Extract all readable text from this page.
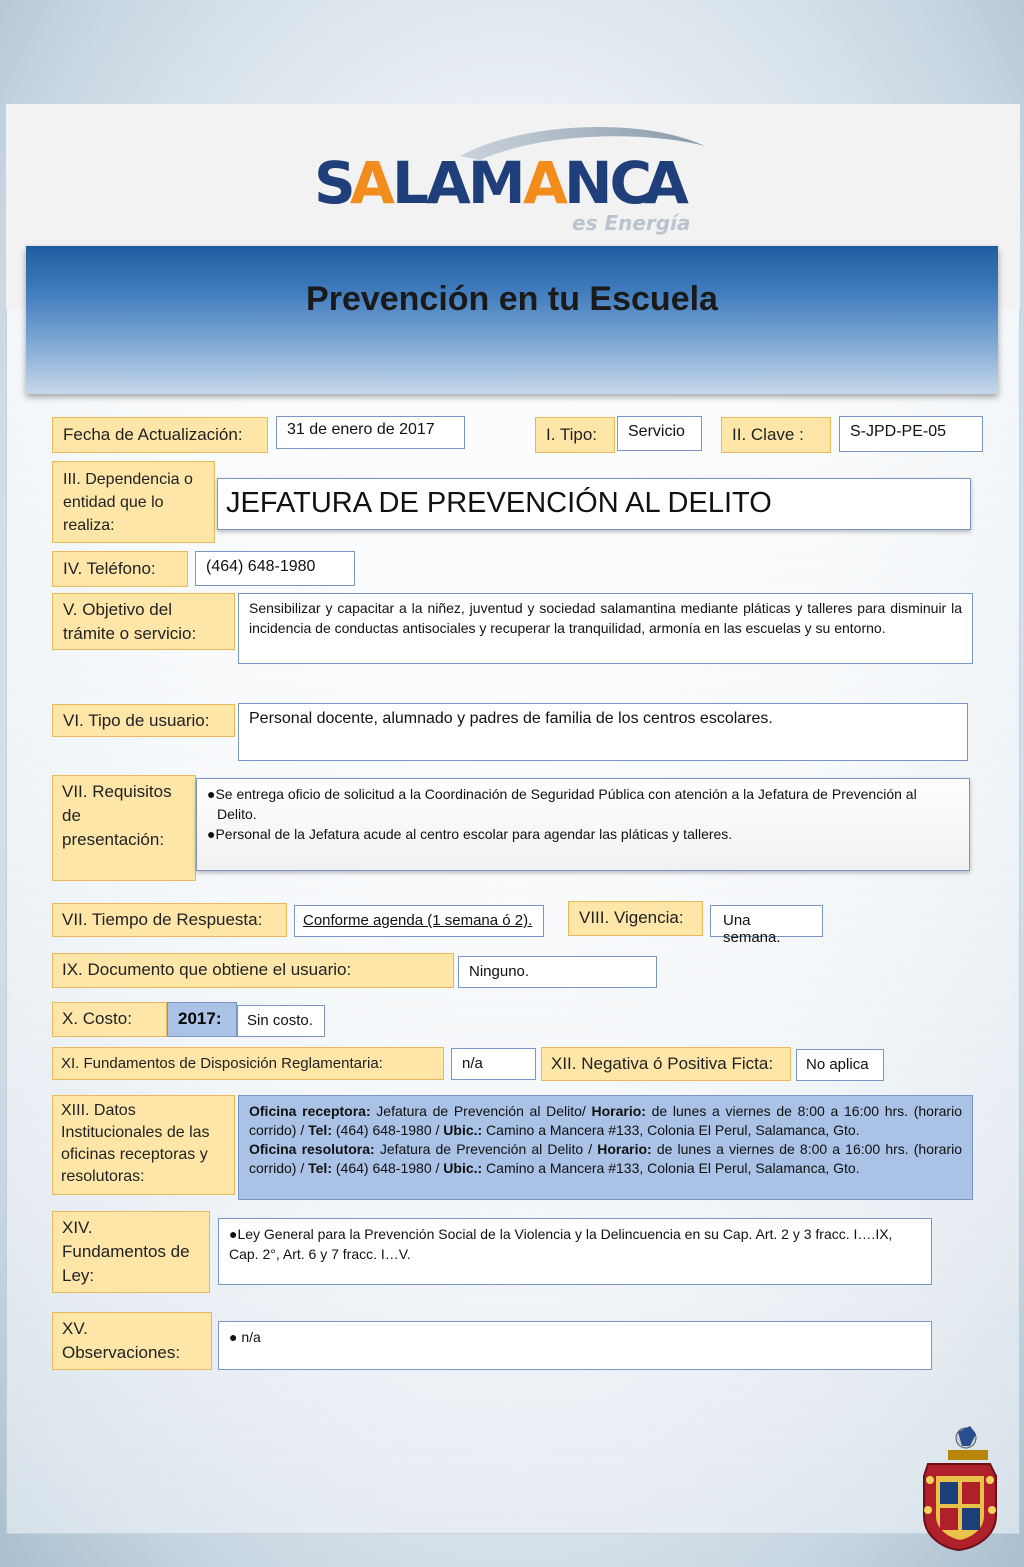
S
A LAM A NC
A
es Energía
Prevención en tu Escuela
Fecha de Actualización:	31 de enero de 2017	I. Tipo:	Servicio	II. Clave :	S-JPD-PE-05
III. Dependencia o entidad que lo realiza:
JEFATURA DE PREVENCIÓN AL DELITO
IV. Teléfono:	(464) 648-1980
V. Objetivo del trámite o servicio:
Sensibilizar y capacitar a la niñez, juventud y sociedad salamantina mediante pláticas y talleres para disminuir la incidencia de conductas antisociales y recuperar la tranquilidad, armonía en las escuelas y su entorno.
VI. Tipo de usuario:	Personal docente, alumnado y padres de familia de los centros escolares.
VII. Requisitos de presentación:
●Se entrega oficio de solicitud a la Coordinación de Seguridad Pública con atención a la Jefatura de Prevención al Delito.
●Personal de la Jefatura acude al centro escolar para agendar las pláticas y talleres.
VII. Tiempo de Respuesta:	Conforme agenda (1 semana ó 2).	VIII. Vigencia:	Una semana.
IX. Documento que obtiene el usuario:	Ninguno.
X. Costo:	2017:	Sin costo.
XI. Fundamentos de Disposición Reglamentaria:	n/a	XII. Negativa ó Positiva Ficta:	No aplica
XIII. Datos Institucionales de las oficinas receptoras y resolutoras:
Oficina receptora: Jefatura de Prevención al Delito/ Horario: de lunes a viernes de 8:00 a 16:00 hrs. (horario corrido) / Tel: (464) 648-1980 / Ubic.: Camino a Mancera #133, Colonia El Perul, Salamanca, Gto.
Oficina resolutora: Jefatura de Prevención al Delito / Horario: de lunes a viernes de 8:00 a 16:00 hrs. (horario corrido) / Tel: (464) 648-1980 / Ubic.: Camino a Mancera #133, Colonia El Perul, Salamanca, Gto.
XIV. Fundamentos de Ley:
●Ley General para la Prevención Social de la Violencia y la Delincuencia en su Cap. Art. 2 y 3 fracc. I….IX, Cap. 2°, Art. 6 y 7 fracc. I…V.
XV. Observaciones:
● n/a
